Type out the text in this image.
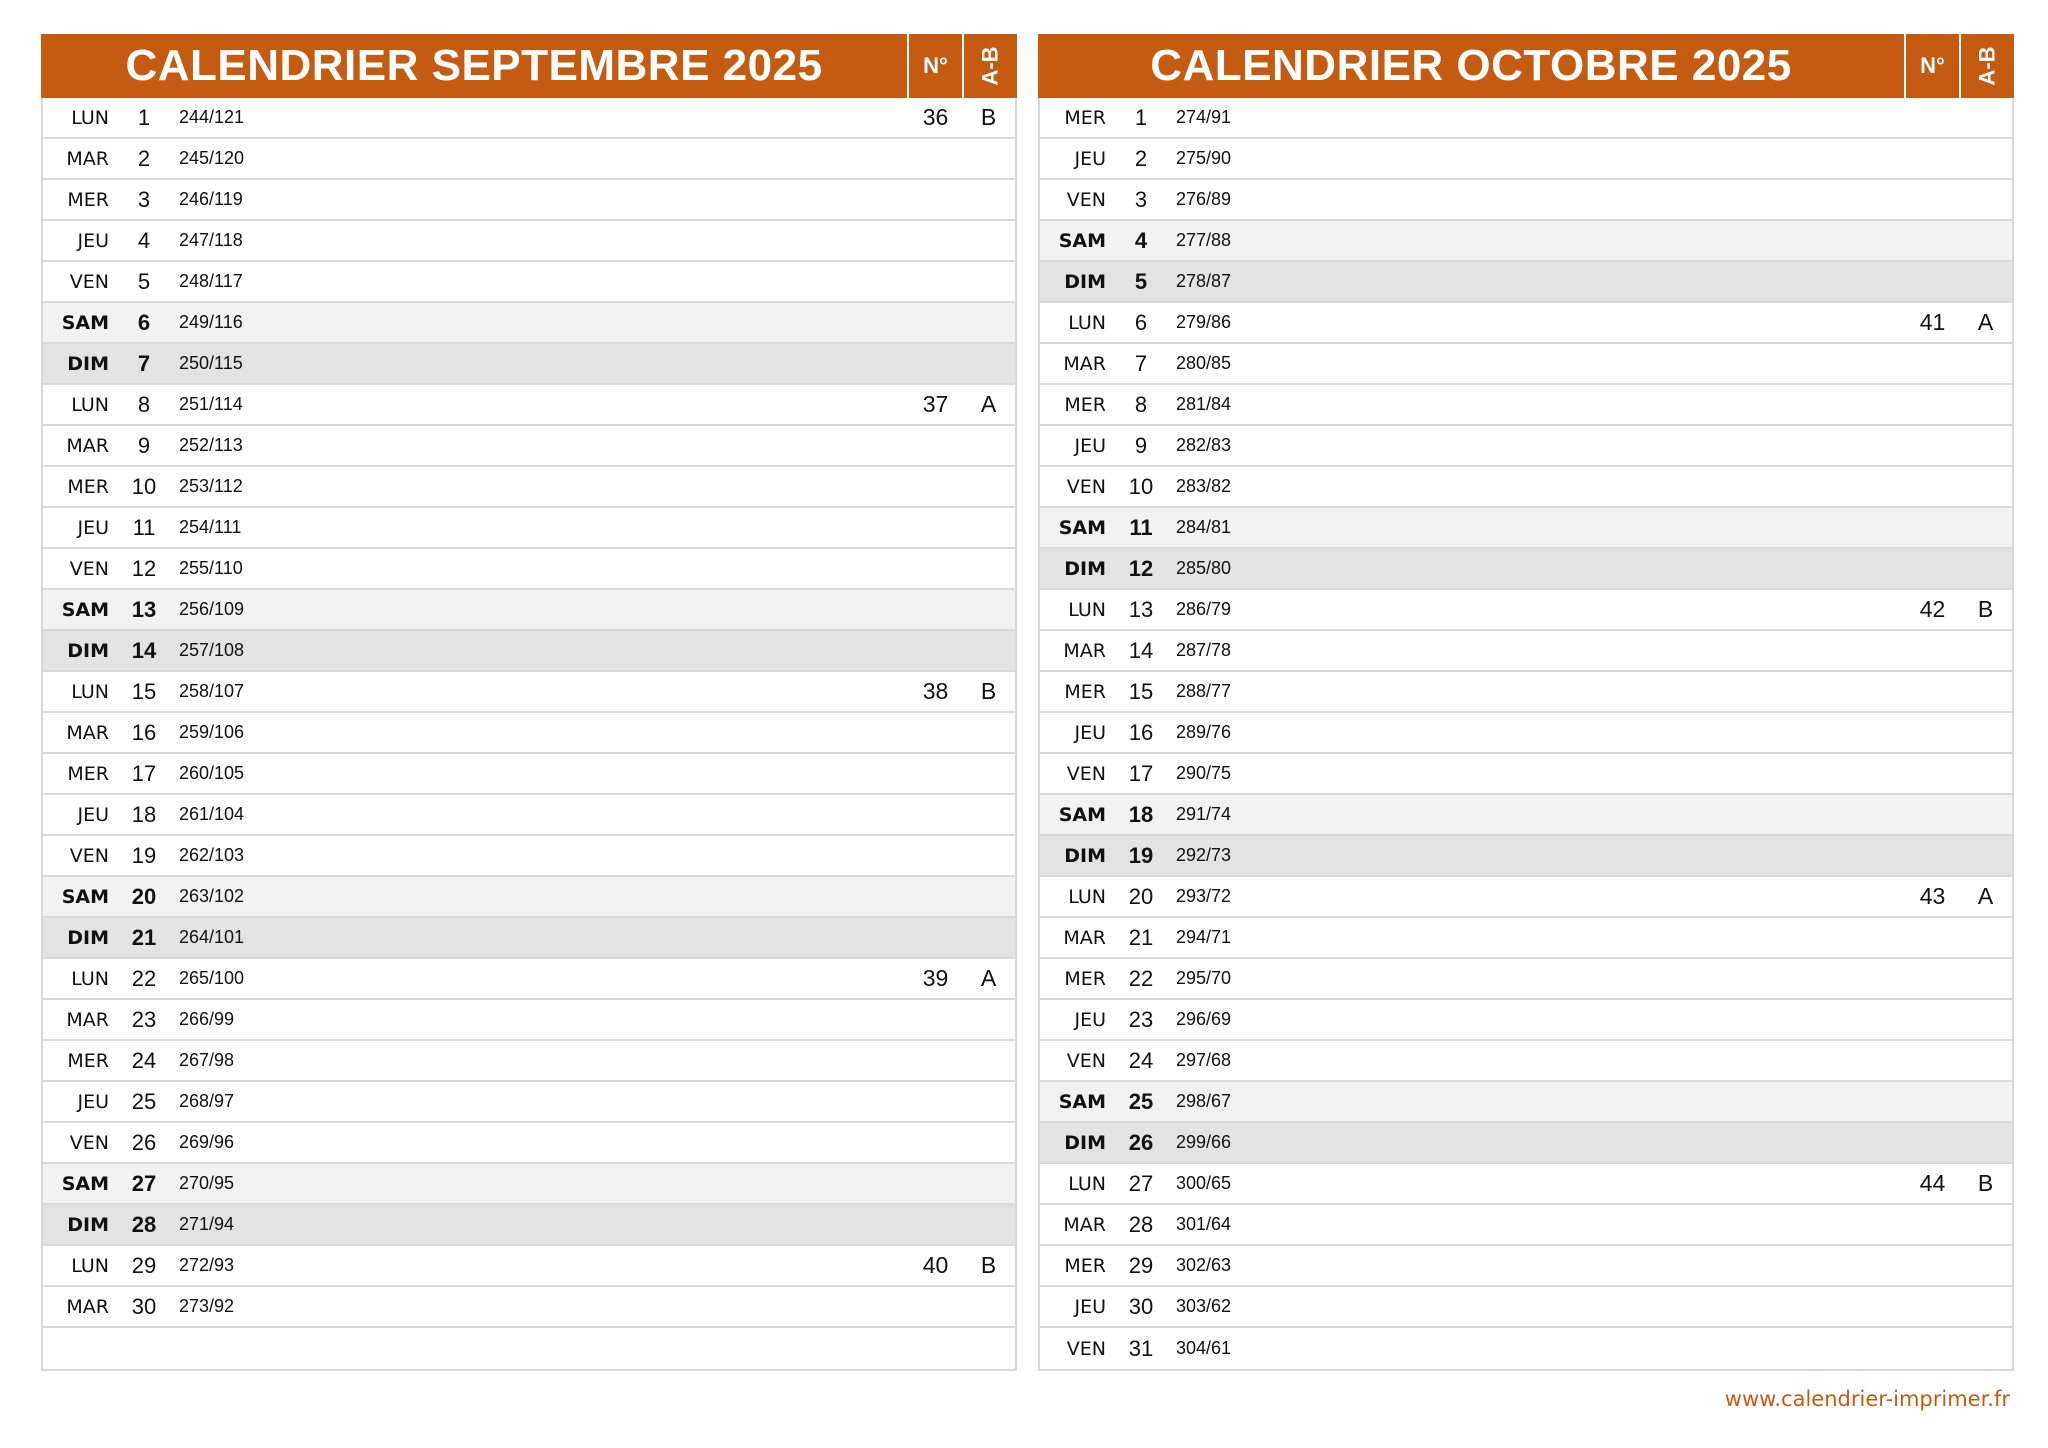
CALENDRIER SEPTEMBRE 2025	N°	A-B
LUN	1	244/121	36	B
MAR	2	245/120
MER	3	246/119
JEU	4	247/118
VEN	5	248/117
SAM	6	249/116
DIM	7	250/115
LUN	8	251/114	37	A
MAR	9	252/113
MER	10	253/112
JEU	11	254/111
VEN	12	255/110
SAM	13	256/109
DIM	14	257/108
LUN	15	258/107	38	B
MAR	16	259/106
MER	17	260/105
JEU	18	261/104
VEN	19	262/103
SAM	20	263/102
DIM	21	264/101
LUN	22	265/100	39	A
MAR	23	266/99
MER	24	267/98
JEU	25	268/97
VEN	26	269/96
SAM	27	270/95
DIM	28	271/94
LUN	29	272/93	40	B
MAR	30	273/92
CALENDRIER OCTOBRE 2025	N°	A-B
MER	1	274/91
JEU	2	275/90
VEN	3	276/89
SAM	4	277/88
DIM	5	278/87
LUN	6	279/86	41	A
MAR	7	280/85
MER	8	281/84
JEU	9	282/83
VEN	10	283/82
SAM	11	284/81
DIM	12	285/80
LUN	13	286/79	42	B
MAR	14	287/78
MER	15	288/77
JEU	16	289/76
VEN	17	290/75
SAM	18	291/74
DIM	19	292/73
LUN	20	293/72	43	A
MAR	21	294/71
MER	22	295/70
JEU	23	296/69
VEN	24	297/68
SAM	25	298/67
DIM	26	299/66
LUN	27	300/65	44	B
MAR	28	301/64
MER	29	302/63
JEU	30	303/62
VEN	31	304/61
www.calendrier-imprimer.fr
